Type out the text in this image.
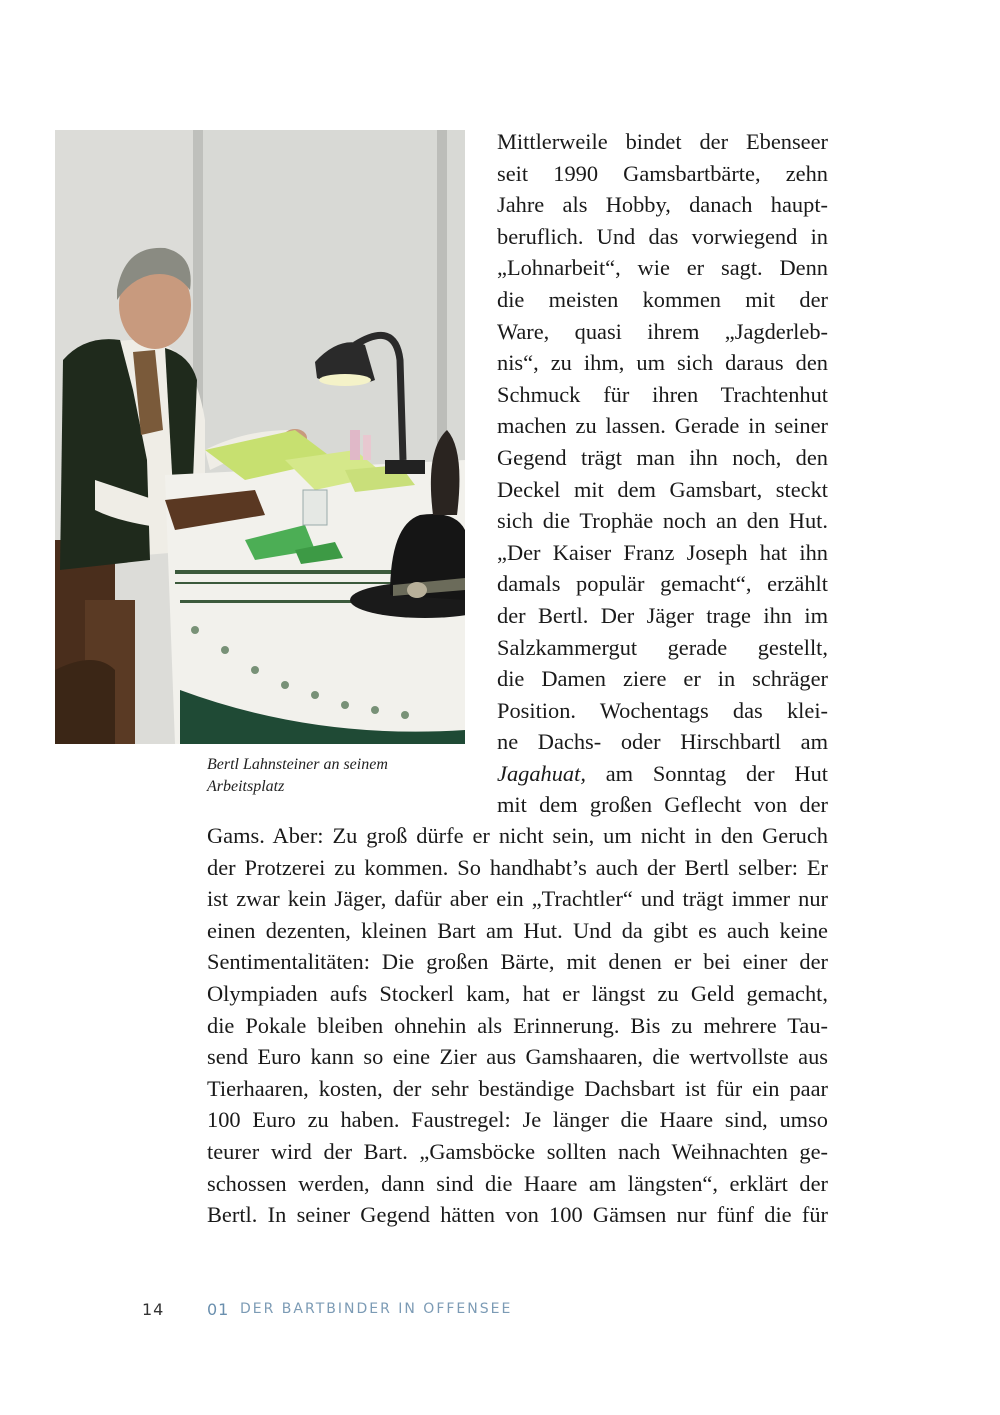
Bertl Lahnsteiner an seinem
Arbeitsplatz
Mittlerweile bindet der Ebenseer
seit 1990 Gamsbartbärte, zehn
Jahre als Hobby, danach haupt-
beruflich. Und das vorwiegend in
„Lohnarbeit“, wie er sagt. Denn
die meisten kommen mit der
Ware, quasi ihrem „Jagderleb-
nis“, zu ihm, um sich daraus den
Schmuck für ihren Trachtenhut
machen zu lassen. Gerade in seiner
Gegend trägt man ihn noch, den
Deckel mit dem Gamsbart, steckt
sich die Trophäe noch an den Hut.
„Der Kaiser Franz Joseph hat ihn
damals populär gemacht“, erzählt
der Bertl. Der Jäger trage ihn im
Salzkammergut gerade gestellt,
die Damen ziere er in schräger
Position. Wochentags das klei-
ne Dachs- oder Hirschbartl am
Jagahuat, am Sonntag der Hut
mit dem großen Geflecht von der
Gams. Aber: Zu groß dürfe er nicht sein, um nicht in den Geruch
der Protzerei zu kommen. So handhabt’s auch der Bertl selber: Er
ist zwar kein Jäger, dafür aber ein „Trachtler“ und trägt immer nur
einen dezenten, kleinen Bart am Hut. Und da gibt es auch keine
Sentimentalitäten: Die großen Bärte, mit denen er bei einer der
Olympiaden aufs Stockerl kam, hat er längst zu Geld gemacht,
die Pokale bleiben ohnehin als Erinnerung. Bis zu mehrere Tau-
send Euro kann so eine Zier aus Gamshaaren, die wertvollste aus
Tierhaaren, kosten, der sehr beständige Dachsbart ist für ein paar
100 Euro zu haben. Faustregel: Je länger die Haare sind, umso
teurer wird der Bart. „Gamsböcke sollten nach Weihnachten ge-
schossen werden, dann sind die Haare am längsten“, erklärt der
Bertl. In seiner Gegend hätten von 100 Gämsen nur fünf die für
14	01 DER BARTBINDER IN OFFENSEE
